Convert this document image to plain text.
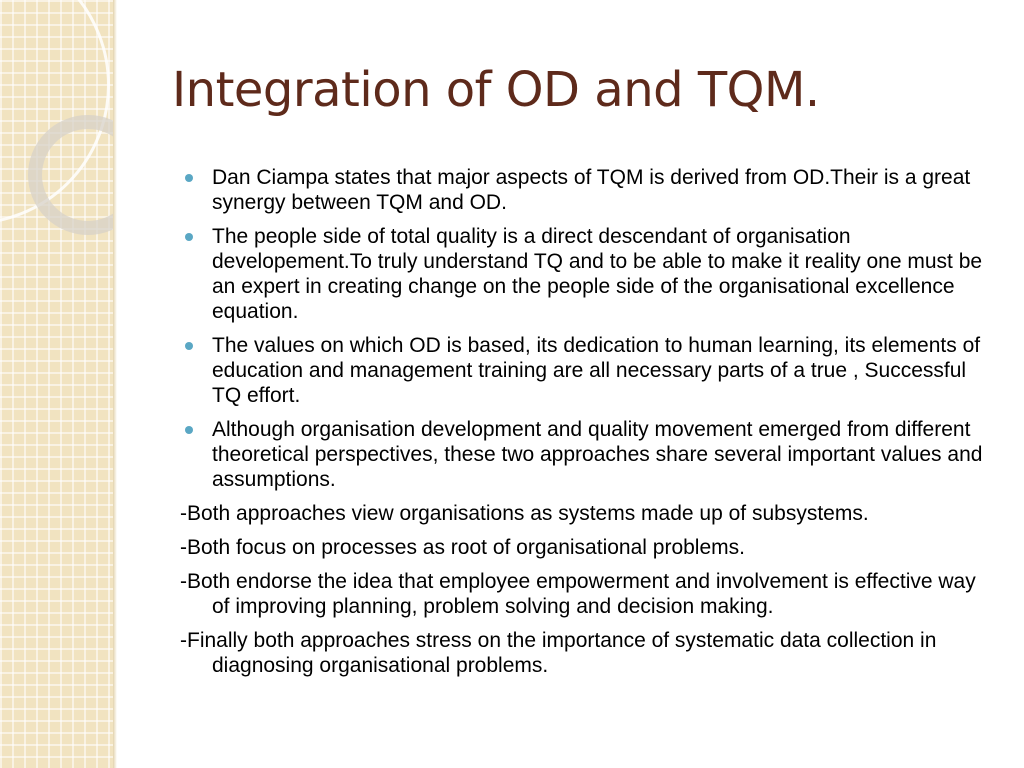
Integration of OD and TQM.
Dan Ciampa states that major aspects of TQM is derived from OD.Their is a great synergy between TQM and OD.
The people side of total quality is a direct descendant of organisation developement.To truly understand TQ and to be able to make it reality one must be an expert in creating change on the people side of the organisational excellence equation.
The values on which OD is based, its dedication to human learning, its elements of education and management training are all necessary parts of a true , Successful TQ effort.
Although organisation development and quality movement emerged from different theoretical perspectives, these two approaches share several important values and assumptions.

-Both approaches view organisations as systems made up of subsystems.

-Both focus on processes as root of organisational problems.

-Both endorse the idea that employee empowerment and involvement is effective way of improving planning, problem solving and decision making.

-Finally both approaches stress on the importance of systematic data collection in diagnosing organisational problems.
